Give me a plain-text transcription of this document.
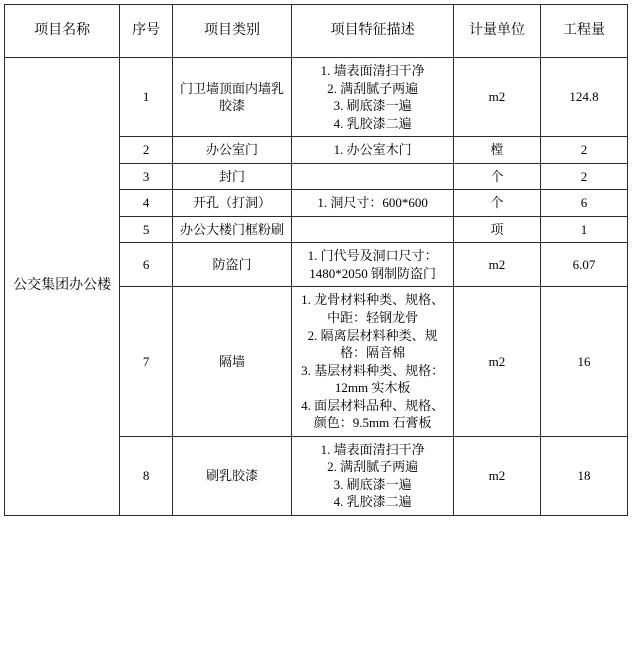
项目名称	序号	项目类别	项目特征描述	计量单位	工程量
公交集团办公楼	1	门卫墙顶面内墙乳胶漆	1. 墙表面清扫干净
2. 满刮腻子两遍
3. 刷底漆一遍
4. 乳胶漆二遍	m2	124.8
	2	办公室门	1. 办公室木门	樘	2
	3	封门		个	2
	4	开孔（打洞）	1. 洞尺寸：600*600	个	6
	5	办公大楼门框粉刷		项	1
	6	防盗门	1. 门代号及洞口尺寸：1480*2050 钢制防盗门	m2	6.07
	7	隔墙	1. 龙骨材料种类、规格、中距：轻钢龙骨
2. 隔离层材料种类、规格：隔音棉
3. 基层材料种类、规格：12mm 实木板
4. 面层材料品种、规格、颜色：9.5mm 石膏板	m2	16
	8	刷乳胶漆	1. 墙表面清扫干净
2. 满刮腻子两遍
3. 刷底漆一遍
4. 乳胶漆二遍	m2	18
